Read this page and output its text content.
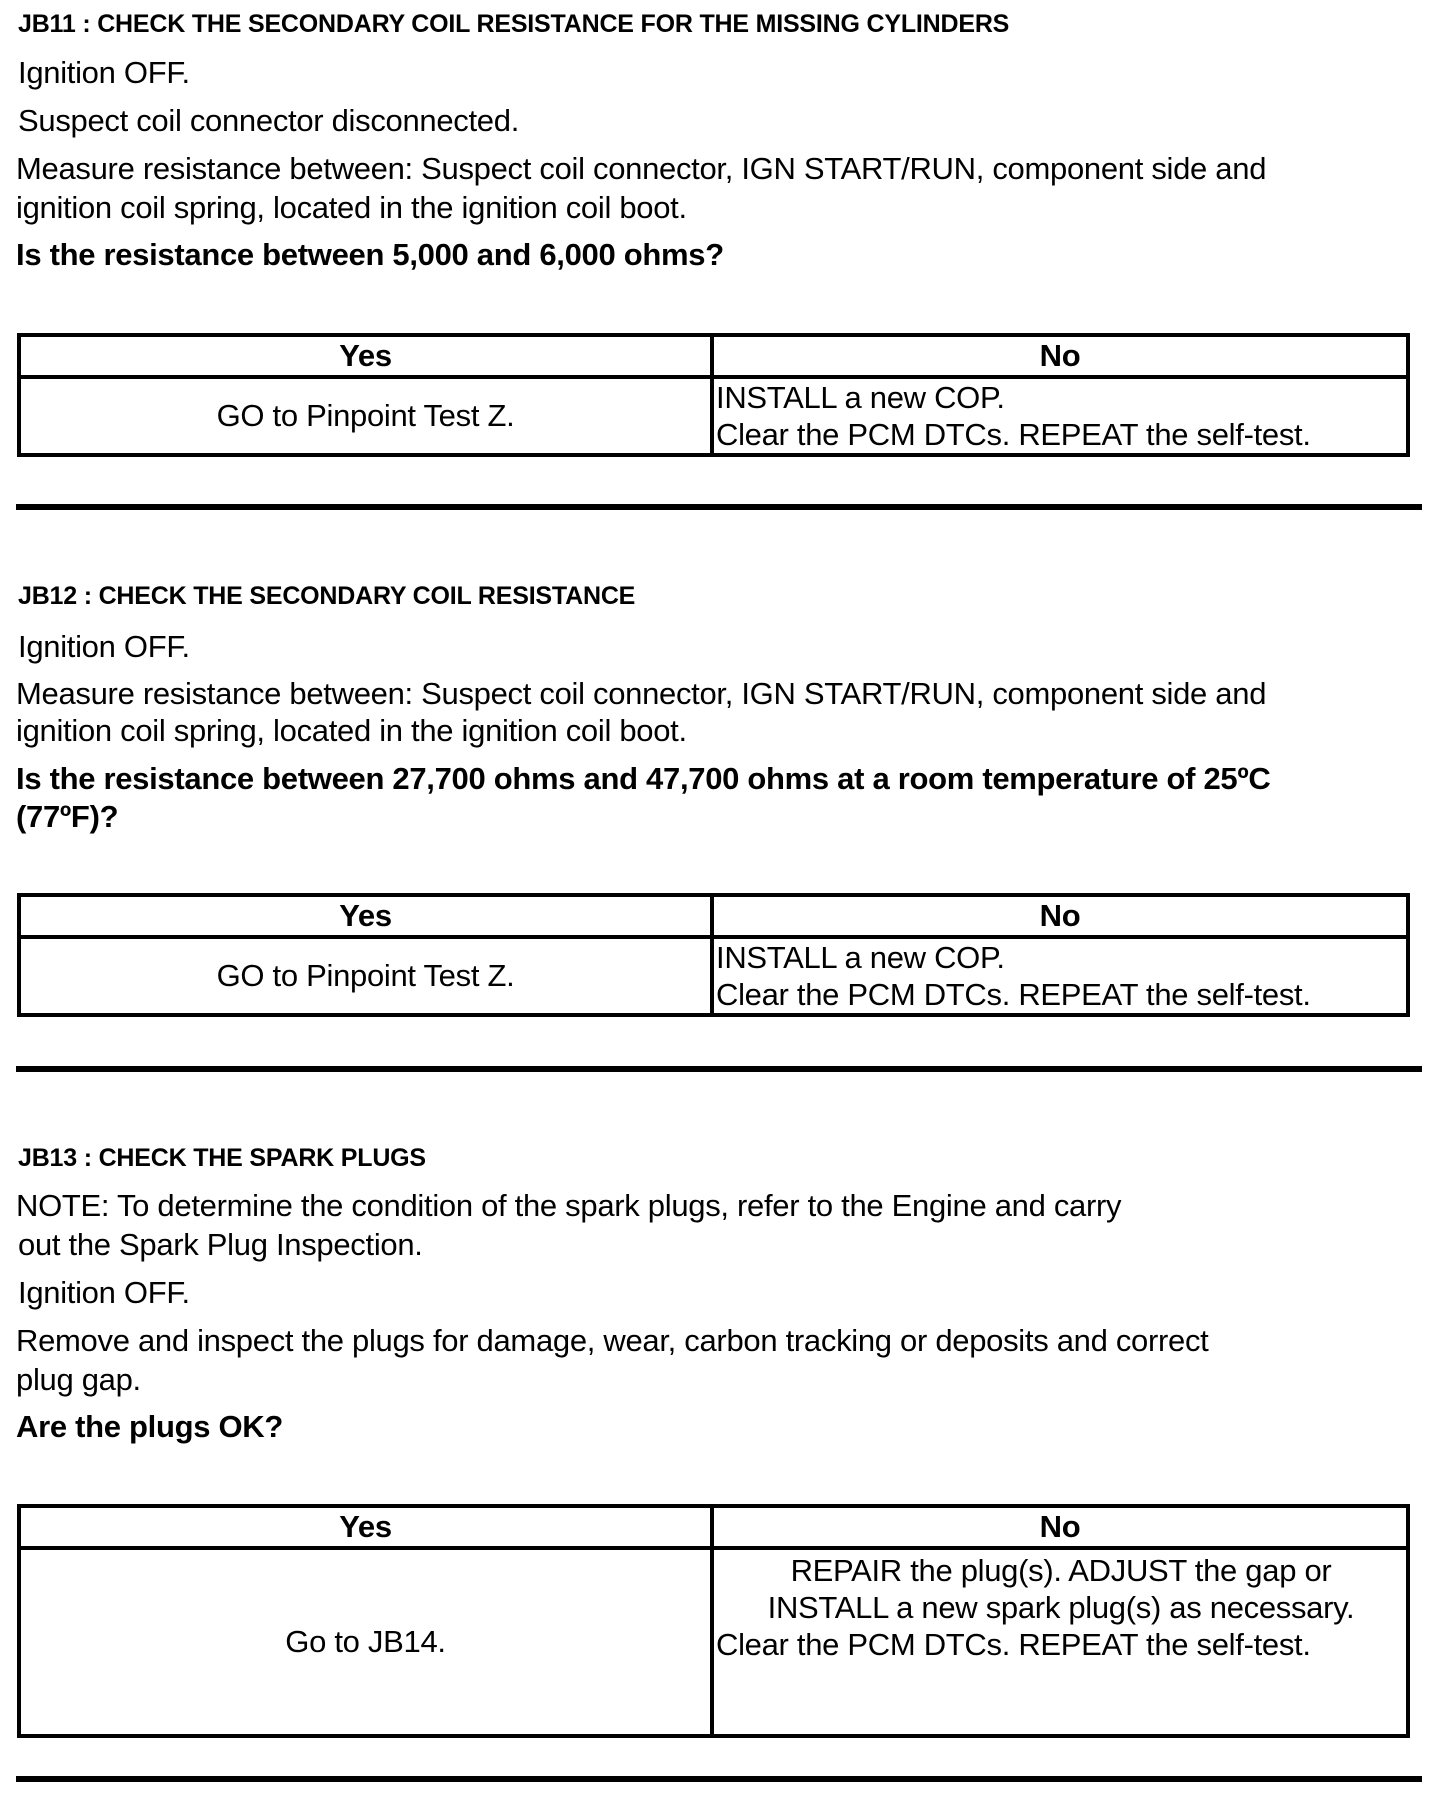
JB11 : CHECK THE SECONDARY COIL RESISTANCE FOR THE MISSING CYLINDERS
Ignition OFF.
Suspect coil connector disconnected.
Measure resistance between: Suspect coil connector, IGN START/RUN, component side and
ignition coil spring, located in the ignition coil boot.
Is the resistance between 5,000 and 6,000 ohms?
Yes	No
GO to Pinpoint Test Z.	INSTALL a new COP.
Clear the PCM DTCs. REPEAT the self-test.
JB12 : CHECK THE SECONDARY COIL RESISTANCE
Ignition OFF.
Measure resistance between: Suspect coil connector, IGN START/RUN, component side and
ignition coil spring, located in the ignition coil boot.
Is the resistance between 27,700 ohms and 47,700 ohms at a room temperature of 25ºC
(77ºF)?
Yes	No
GO to Pinpoint Test Z.	INSTALL a new COP.
Clear the PCM DTCs. REPEAT the self-test.
JB13 : CHECK THE SPARK PLUGS
NOTE: To determine the condition of the spark plugs, refer to the Engine and carry
out the Spark Plug Inspection.
Ignition OFF.
Remove and inspect the plugs for damage, wear, carbon tracking or deposits and correct
plug gap.
Are the plugs OK?
Yes	No
Go to JB14.	REPAIR the plug(s). ADJUST the gap or
INSTALL a new spark plug(s) as necessary.
Clear the PCM DTCs. REPEAT the self-test.
